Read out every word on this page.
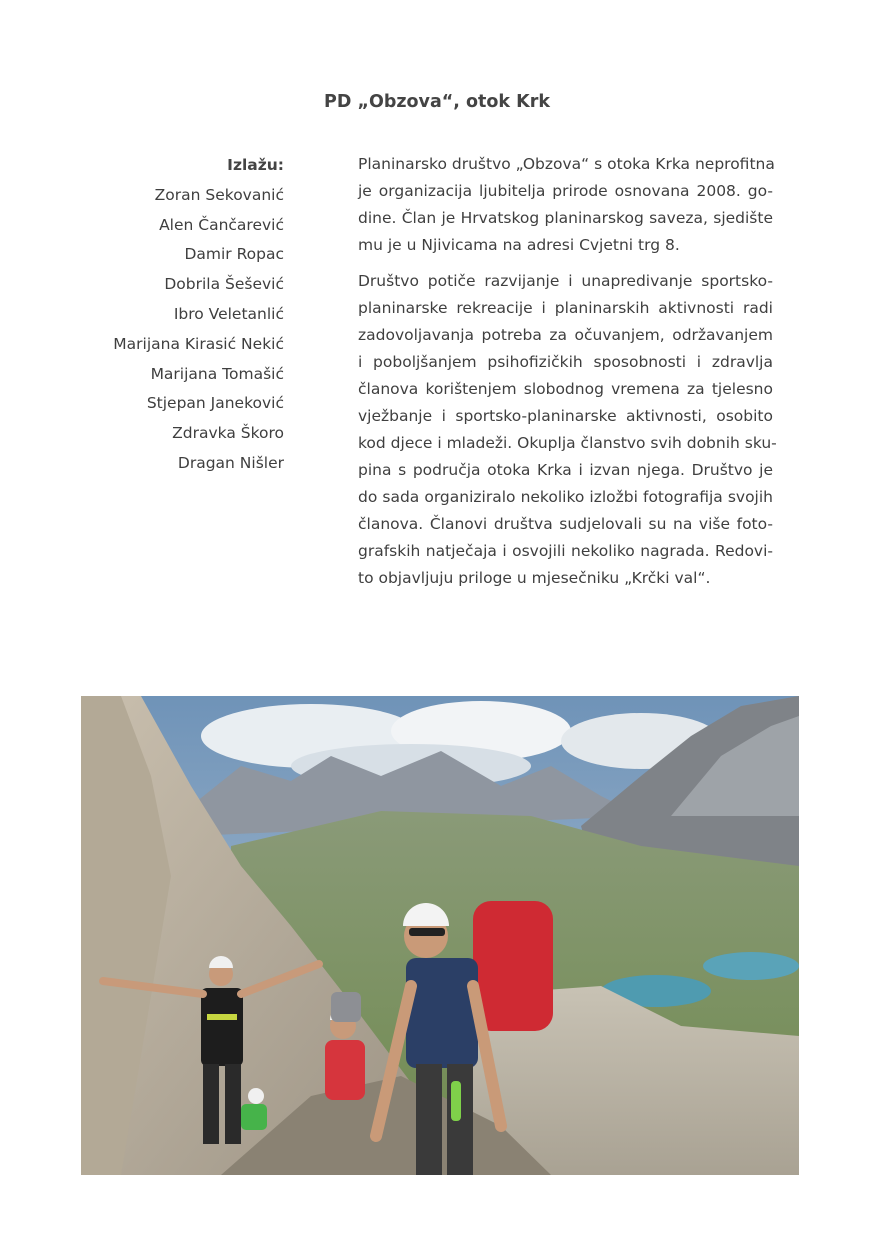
PD „Obzova“, otok Krk
Izlažu:
Zoran Sekovanić
Alen Čančarević
Damir Ropac
Dobrila Šešević
Ibro Veletanlić
Marijana Kirasić Nekić
Marijana Tomašić
Stjepan Janeković
Zdravka Škoro
Dragan Nišler

Planinarsko društvo „Obzova“ s otoka Krka neprofitna
je organizacija ljubitelja prirode osnovana 2008. go-
dine. Član je Hrvatskog planinarskog saveza, sjedište
mu je u Njivicama na adresi Cvjetni trg 8.

Društvo potiče razvijanje i unapredivanje sportsko-
planinarske rekreacije i planinarskih aktivnosti radi
zadovoljavanja potreba za očuvanjem, održavanjem
i poboljšanjem psihofizičkih sposobnosti i zdravlja
članova korištenjem slobodnog vremena za tjelesno
vježbanje i sportsko-planinarske aktivnosti, osobito
kod djece i mladeži. Okuplja članstvo svih dobnih sku-
pina s područja otoka Krka i izvan njega. Društvo je
do sada organiziralo nekoliko izložbi fotografija svojih
članova. Članovi društva sudjelovali su na više foto-
grafskih natječaja i osvojili nekoliko nagrada. Redovi-
to objavljuju priloge u mjesečniku „Krčki val“.
